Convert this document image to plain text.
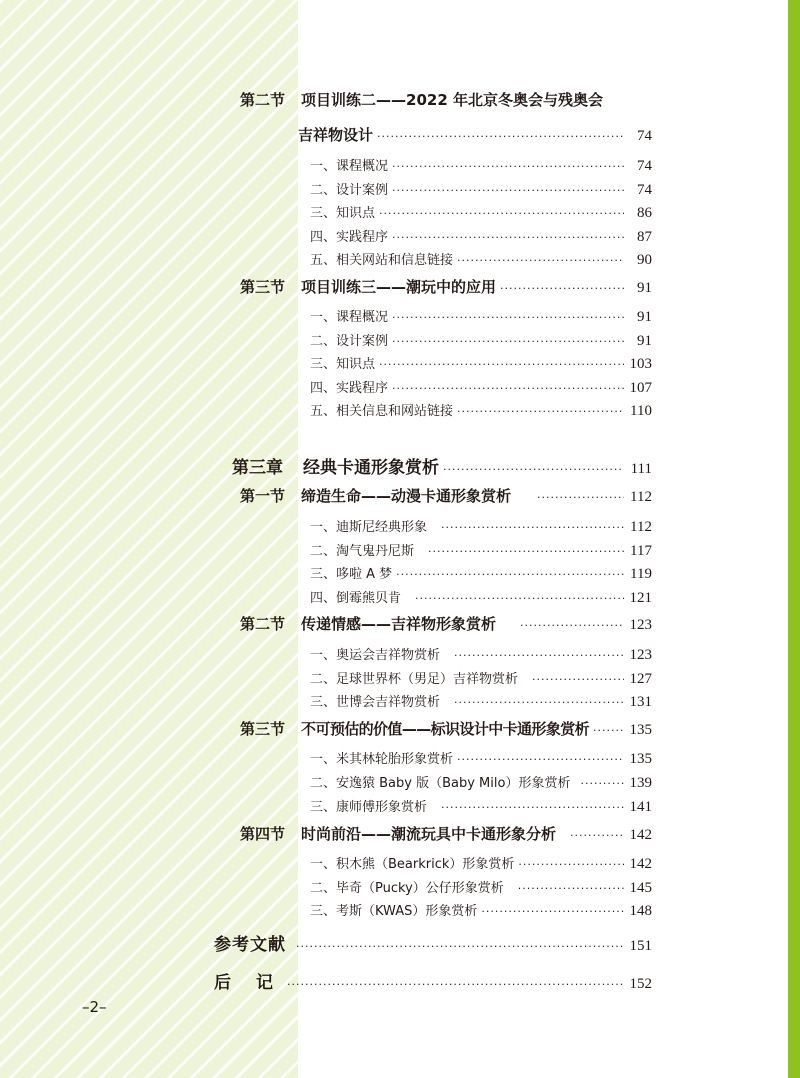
第二节 项目训练二——2022 年北京冬奥会与残奥会
吉祥物设计 ·····	74
一、课程概况 ·····	74
二、设计案例 ·····	74
三、知识点 ·····	86
四、实践程序 ·····	87
五、相关网站和信息链接 ·····	90
第三节 项目训练三——潮玩中的应用 ·····	91
一、课程概况 ·····	91
二、设计案例 ·····	91
三、知识点 ·····	103
四、实践程序 ·····	107
五、相关信息和网站链接 ·····	110
第三章 经典卡通形象赏析 ·····	111
第一节 缔造生命——动漫卡通形象赏析 ·····	112
一、迪斯尼经典形象 ·····	112
二、淘气鬼丹尼斯 ·····	117
三、哆啦 A 梦 ·····	119
四、倒霉熊贝肯 ·····	121
第二节 传递情感——吉祥物形象赏析 ·····	123
一、奥运会吉祥物赏析 ·····	123
二、足球世界杯（男足）吉祥物赏析 ·····	127
三、世博会吉祥物赏析 ·····	131
第三节 不可预估的价值——标识设计中卡通形象赏析 ·····	135
一、米其林轮胎形象赏析 ·····	135
二、安逸猿 Baby 版（Baby Milo）形象赏析 ·····	139
三、康师傅形象赏析 ·····	141
第四节 时尚前沿——潮流玩具中卡通形象分析 ·····	142
一、积木熊（Bearkrick）形象赏析 ·····	142
二、毕奇（Pucky）公仔形象赏析 ·····	145
三、考斯（KWAS）形象赏析 ·····	148
参考文献 ·····	151
后　记 ·····	152
–2–
